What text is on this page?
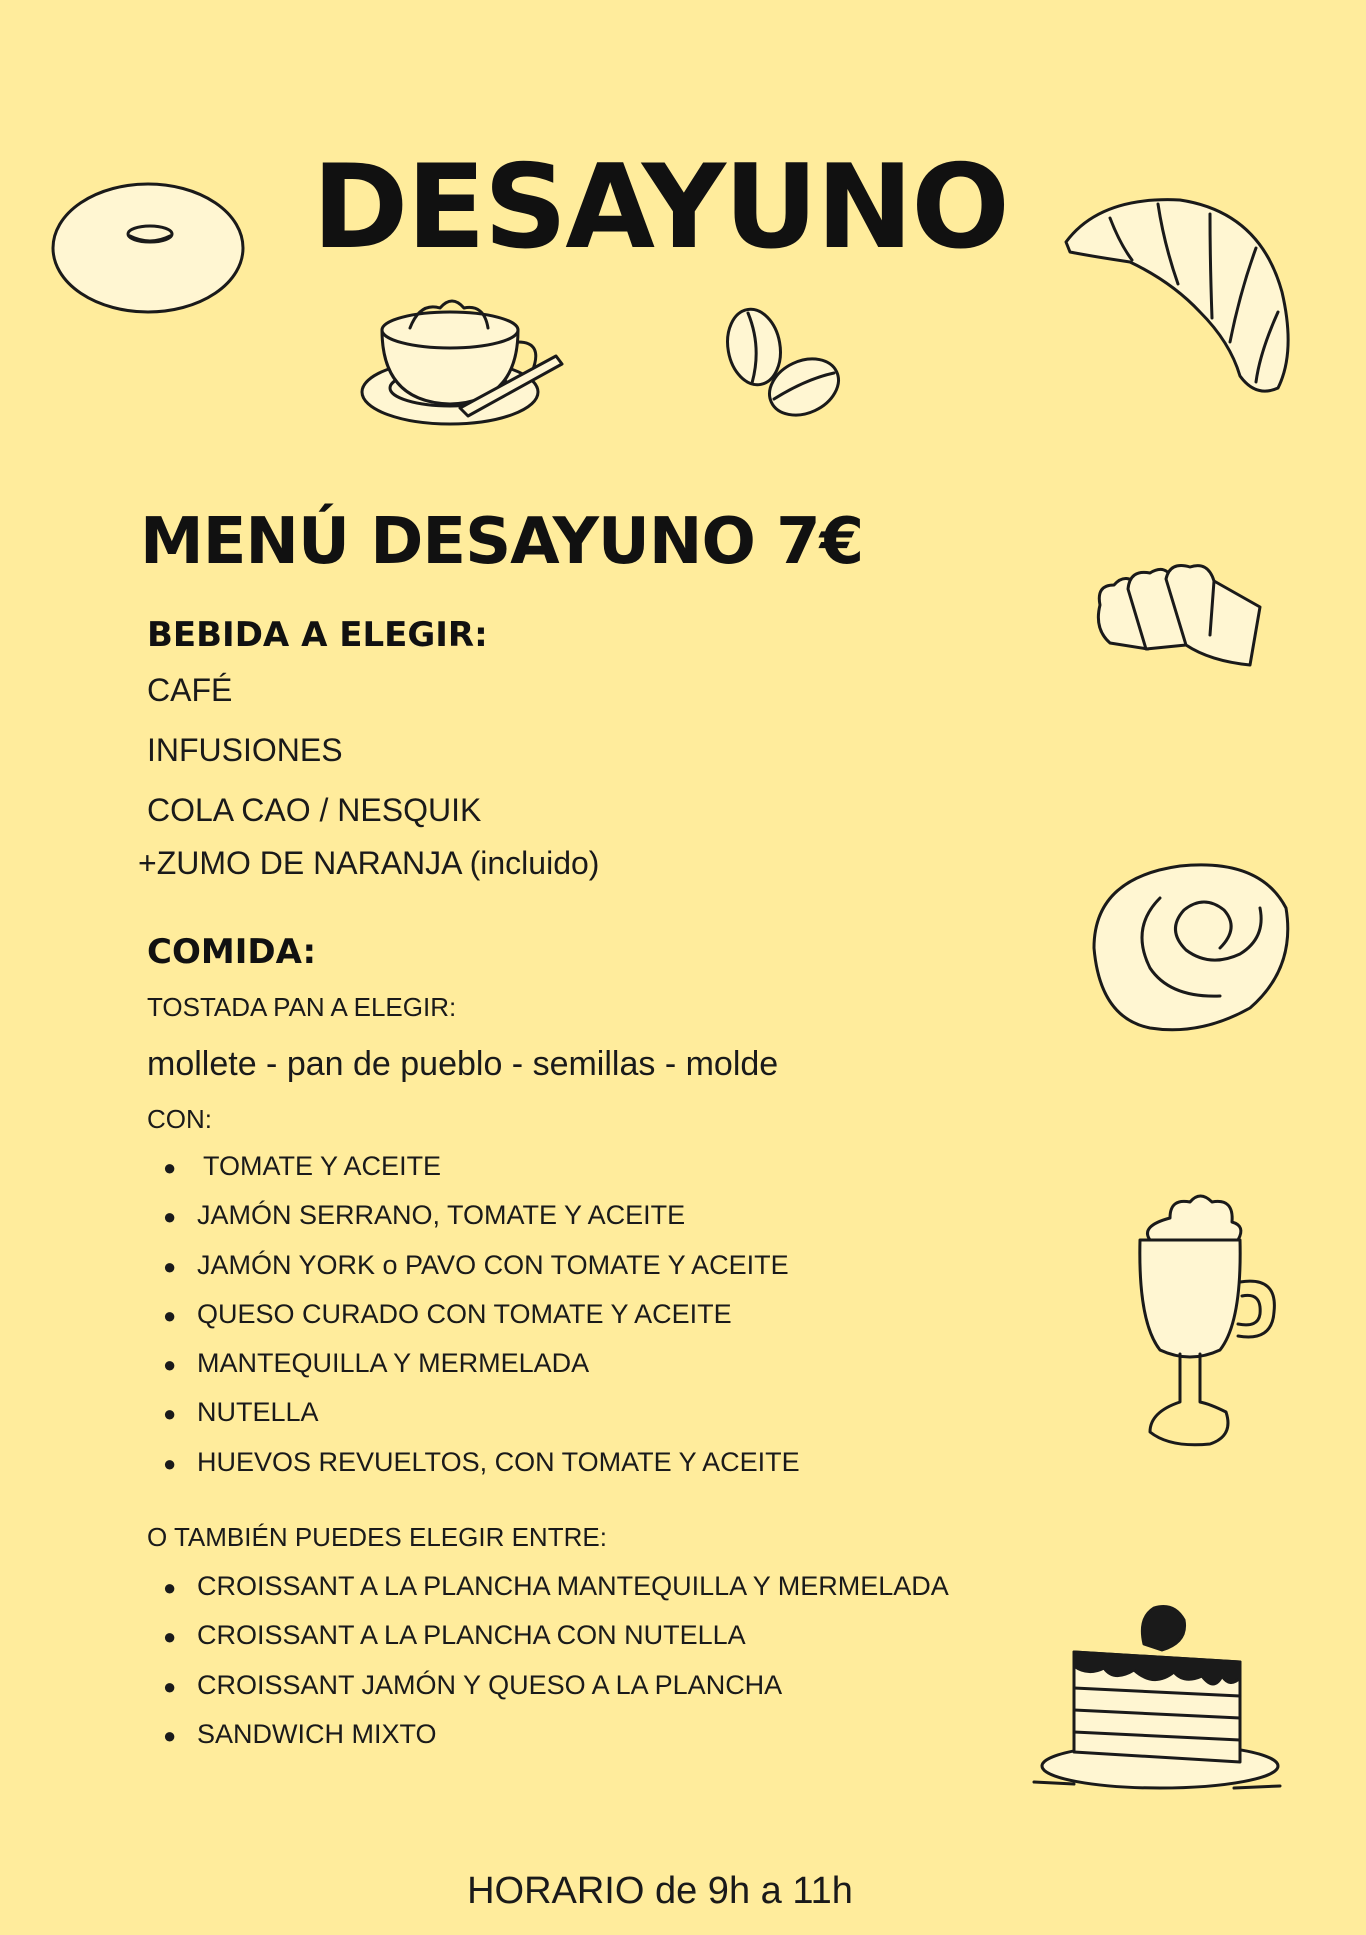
DESAYUNO
MENÚ DESAYUNO 7€
BEBIDA A ELEGIR:
CAFÉ
INFUSIONES
COLA CAO / NESQUIK
+ZUMO DE NARANJA (incluido)
COMIDA:
TOSTADA PAN A ELEGIR:
mollete - pan de pueblo - semillas - molde
CON:
● TOMATE Y ACEITE
● JAMÓN SERRANO, TOMATE Y ACEITE
● JAMÓN YORK o PAVO CON TOMATE Y ACEITE
● QUESO CURADO CON TOMATE Y ACEITE
● MANTEQUILLA Y MERMELADA
● NUTELLA
● HUEVOS REVUELTOS, CON TOMATE Y ACEITE
O TAMBIÉN PUEDES ELEGIR ENTRE:
● CROISSANT A LA PLANCHA MANTEQUILLA Y MERMELADA
● CROISSANT A LA PLANCHA CON NUTELLA
● CROISSANT JAMÓN Y QUESO A LA PLANCHA
● SANDWICH MIXTO
HORARIO de 9h a 11h
